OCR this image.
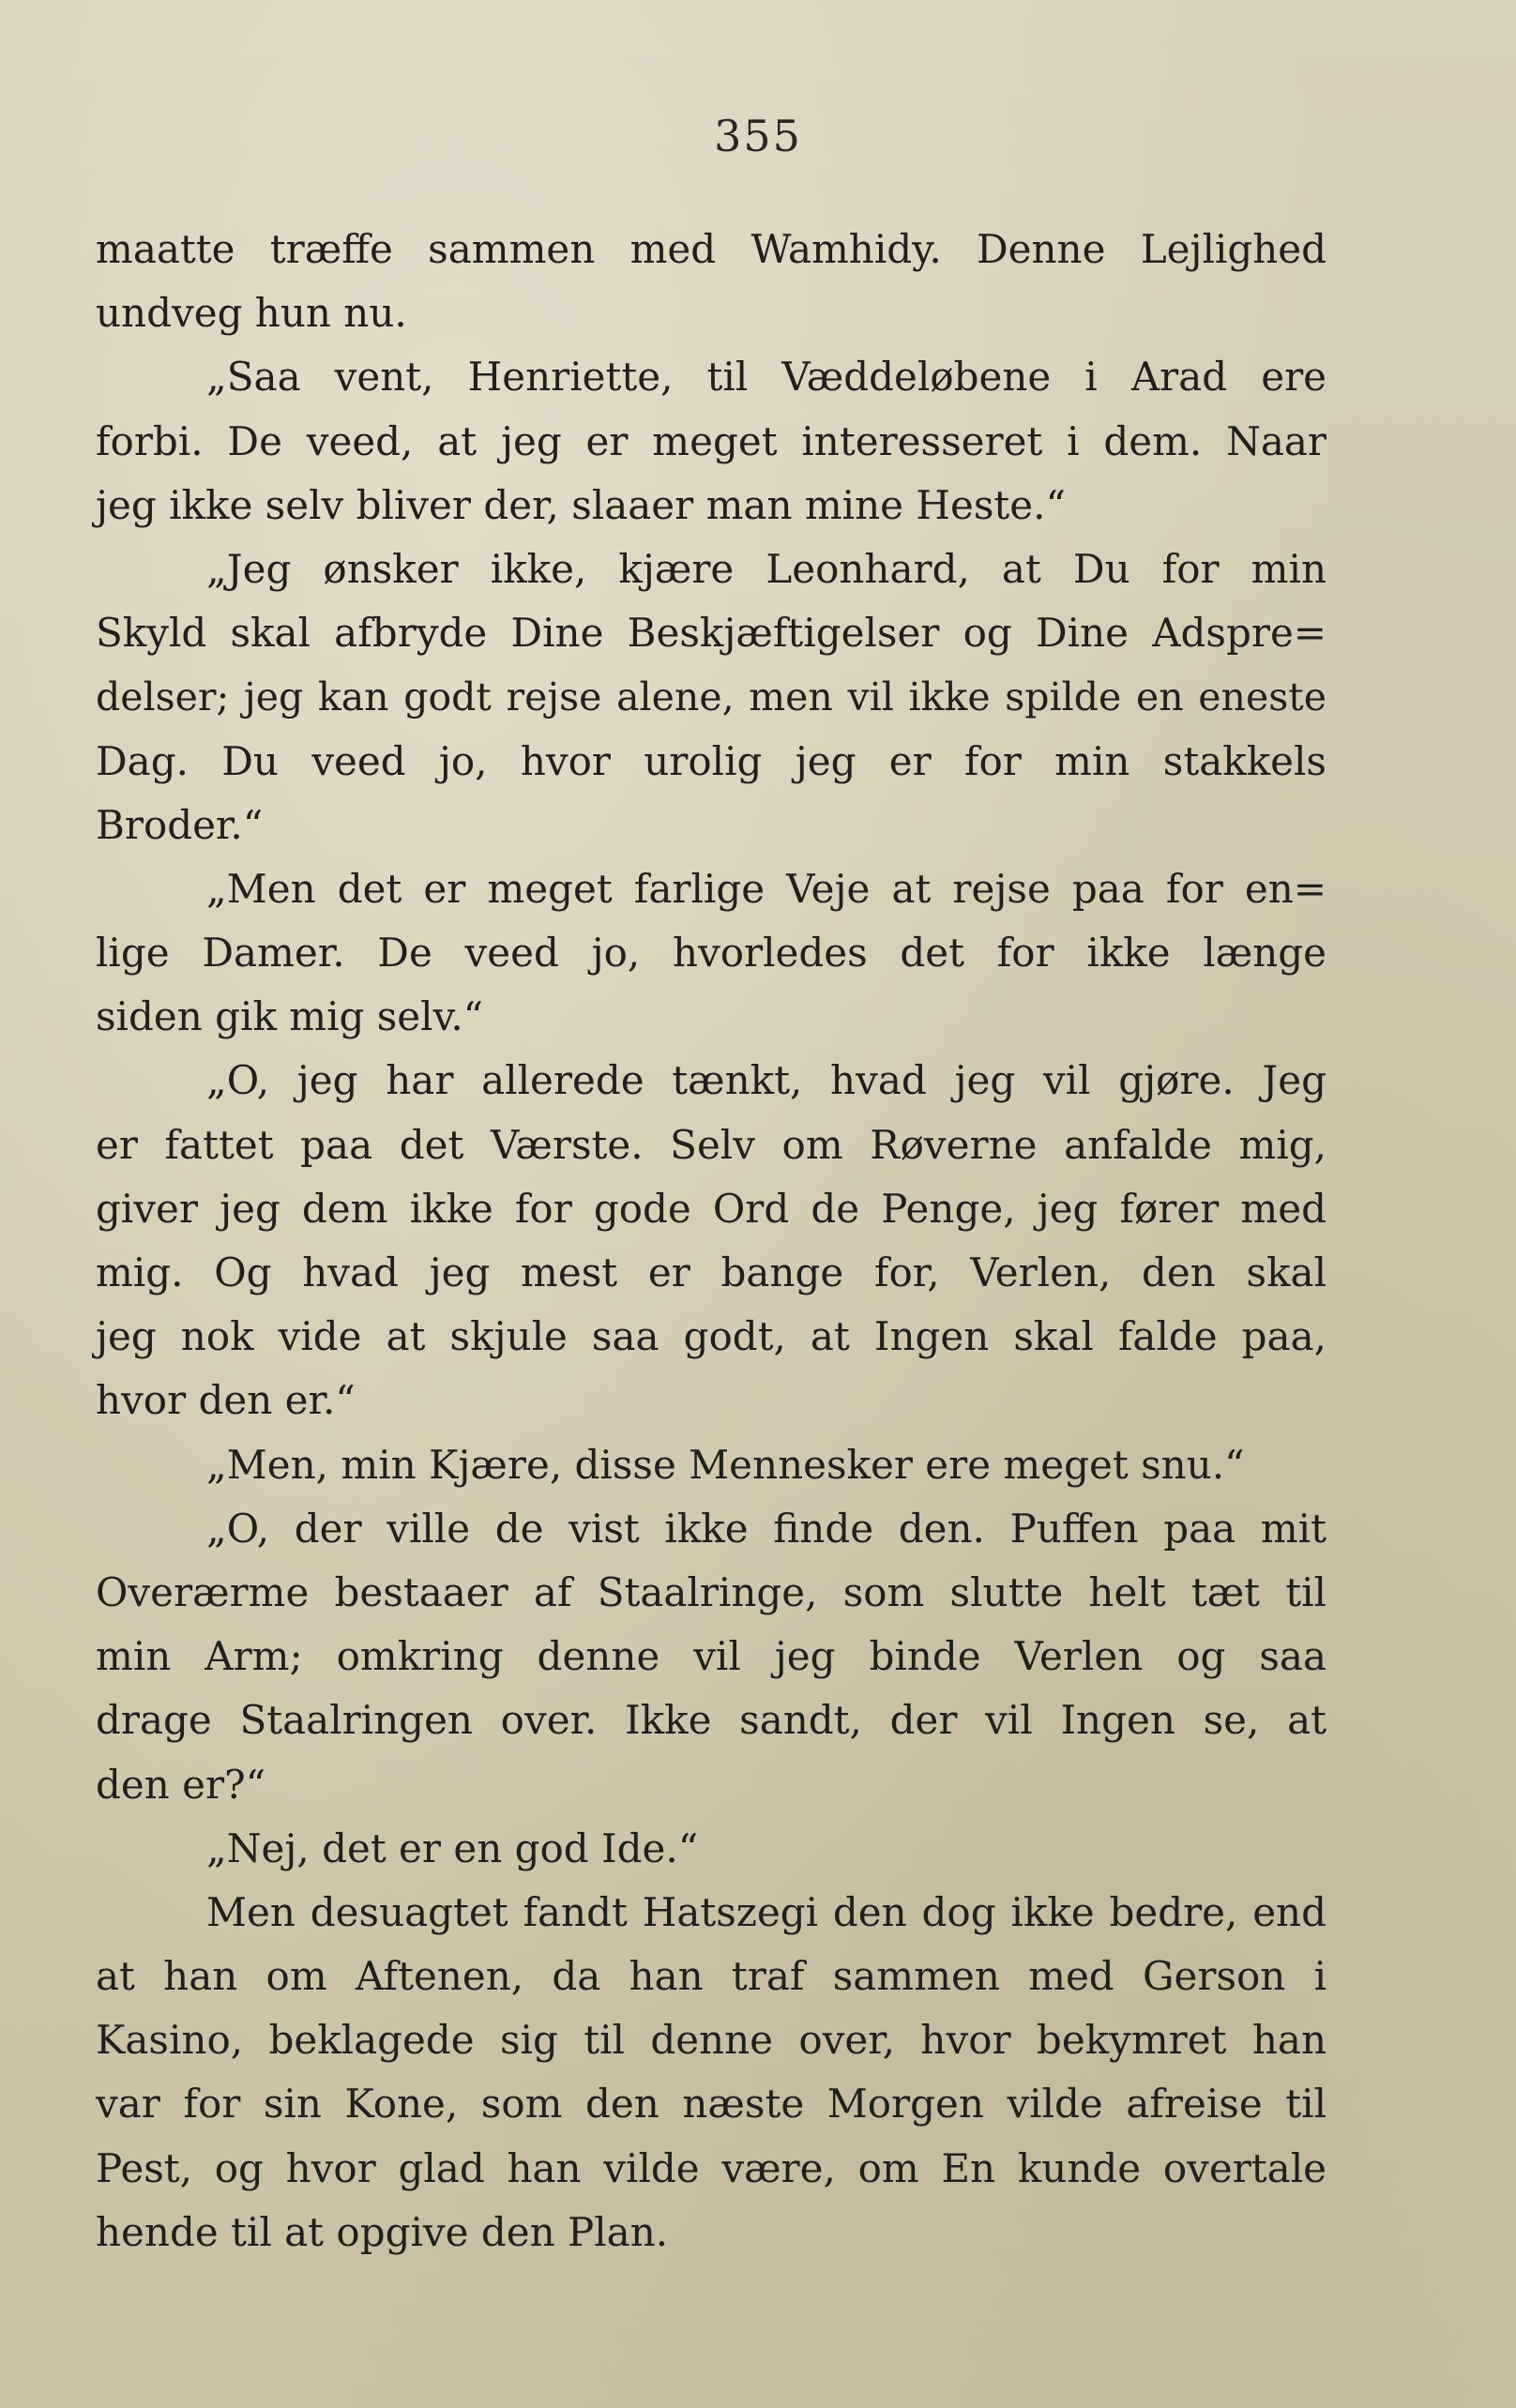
355
maatte træffe sammen med Wamhidy. Denne Lejlighed
undveg hun nu.
„Saa vent, Henriette, til Væddeløbene i Arad ere
forbi. De veed, at jeg er meget interesseret i dem. Naar
jeg ikke selv bliver der, slaaer man mine Heste.“
„Jeg ønsker ikke, kjære Leonhard, at Du for min
Skyld skal afbryde Dine Beskjæftigelser og Dine Adspre=
delser; jeg kan godt rejse alene, men vil ikke spilde en eneste
Dag. Du veed jo, hvor urolig jeg er for min stakkels
Broder.“
„Men det er meget farlige Veje at rejse paa for en=
lige Damer. De veed jo, hvorledes det for ikke længe
siden gik mig selv.“
„O, jeg har allerede tænkt, hvad jeg vil gjøre. Jeg
er fattet paa det Værste. Selv om Røverne anfalde mig,
giver jeg dem ikke for gode Ord de Penge, jeg fører med
mig. Og hvad jeg mest er bange for, Verlen, den skal
jeg nok vide at skjule saa godt, at Ingen skal falde paa,
hvor den er.“
„Men, min Kjære, disse Mennesker ere meget snu.“
„O, der ville de vist ikke finde den. Puffen paa mit
Overærme bestaaer af Staalringe, som slutte helt tæt til
min Arm; omkring denne vil jeg binde Verlen og saa
drage Staalringen over. Ikke sandt, der vil Ingen se, at
den er?“
„Nej, det er en god Ide.“
Men desuagtet fandt Hatszegi den dog ikke bedre, end
at han om Aftenen, da han traf sammen med Gerson i
Kasino, beklagede sig til denne over, hvor bekymret han
var for sin Kone, som den næste Morgen vilde afreise til
Pest, og hvor glad han vilde være, om En kunde overtale
hende til at opgive den Plan.
